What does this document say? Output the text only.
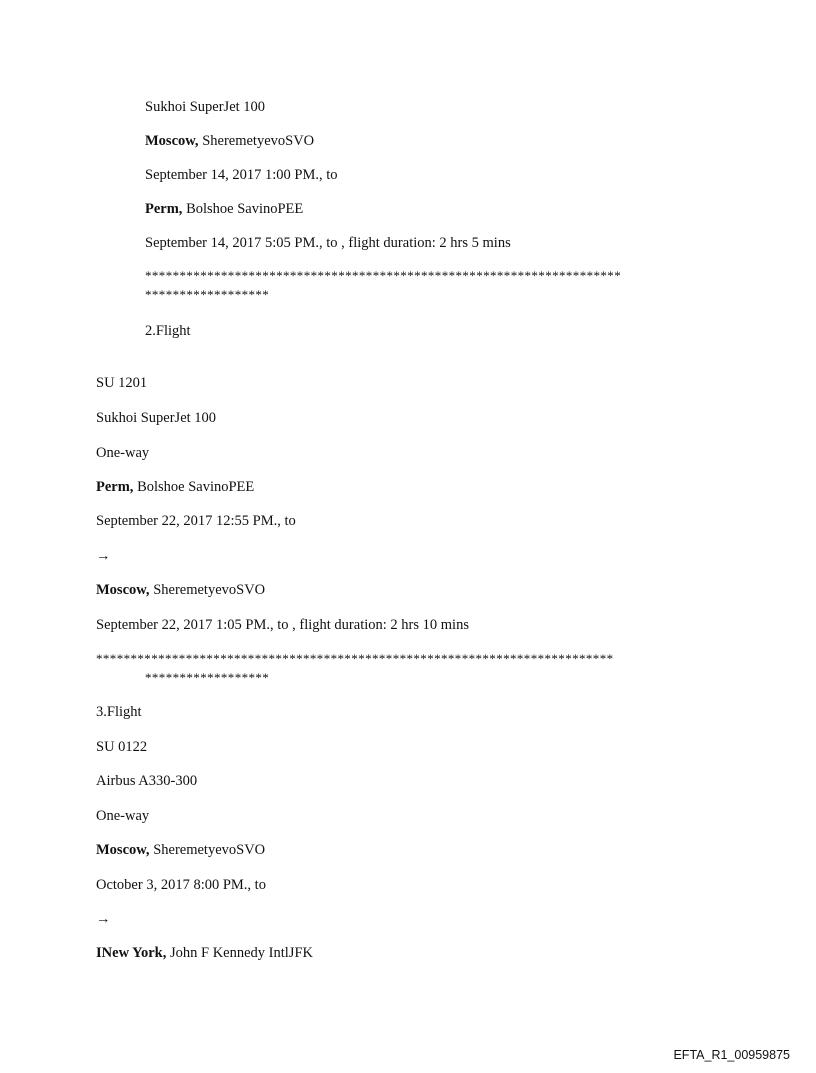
Sukhoi SuperJet 100
Moscow, SheremetyevoSVO
September 14, 2017 1:00 PM., to
Perm, Bolshoe SavinoPEE
September 14, 2017 5:05 PM., to , flight duration: 2 hrs 5 mins
*********************************************************************
******************
2.Flight
SU 1201
Sukhoi SuperJet 100
One-way
Perm, Bolshoe SavinoPEE
September 22, 2017 12:55 PM., to
→
Moscow, SheremetyevoSVO
September 22, 2017 1:05 PM., to , flight duration: 2 hrs 10 mins
***************************************************************************
******************
3.Flight
SU 0122
Airbus A330-300
One-way
Moscow, SheremetyevoSVO
October 3, 2017 8:00 PM., to
→
INew York, John F Kennedy IntlJFK
EFTA_R1_00959875
